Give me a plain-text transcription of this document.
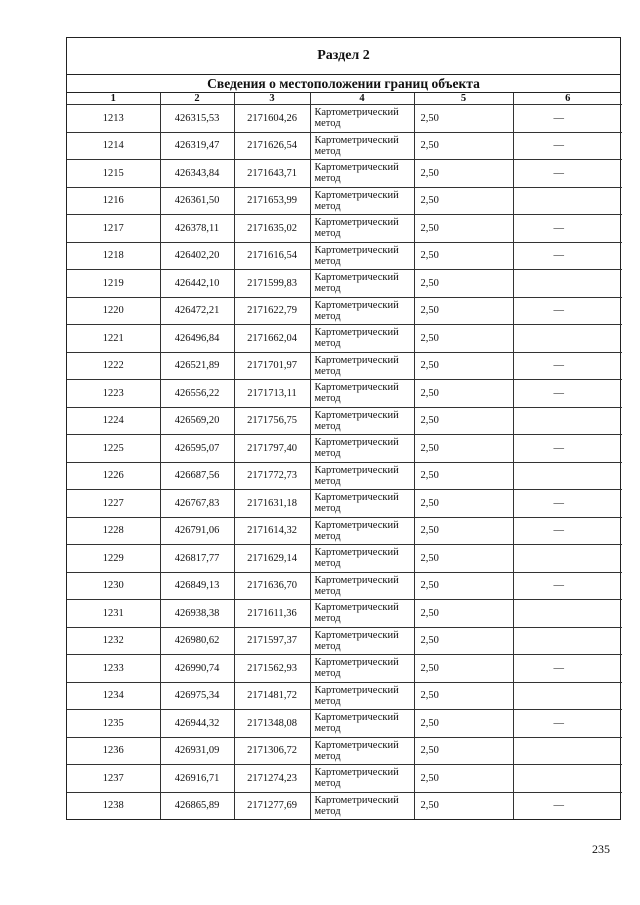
Раздел 2
Сведения о местоположении границ объекта
1	2	3	4	5	6
1213	426315,53	2171604,26	Картометрический метод	2,50	—
1214	426319,47	2171626,54	Картометрический метод	2,50	—
1215	426343,84	2171643,71	Картометрический метод	2,50	—
1216	426361,50	2171653,99	Картометрический метод	2,50	
1217	426378,11	2171635,02	Картометрический метод	2,50	—
1218	426402,20	2171616,54	Картометрический метод	2,50	—
1219	426442,10	2171599,83	Картометрический метод	2,50	
1220	426472,21	2171622,79	Картометрический метод	2,50	—
1221	426496,84	2171662,04	Картометрический метод	2,50	
1222	426521,89	2171701,97	Картометрический метод	2,50	—
1223	426556,22	2171713,11	Картометрический метод	2,50	—
1224	426569,20	2171756,75	Картометрический метод	2,50	
1225	426595,07	2171797,40	Картометрический метод	2,50	—
1226	426687,56	2171772,73	Картометрический метод	2,50	
1227	426767,83	2171631,18	Картометрический метод	2,50	—
1228	426791,06	2171614,32	Картометрический метод	2,50	—
1229	426817,77	2171629,14	Картометрический метод	2,50	
1230	426849,13	2171636,70	Картометрический метод	2,50	—
1231	426938,38	2171611,36	Картометрический метод	2,50	
1232	426980,62	2171597,37	Картометрический метод	2,50	
1233	426990,74	2171562,93	Картометрический метод	2,50	—
1234	426975,34	2171481,72	Картометрический метод	2,50	
1235	426944,32	2171348,08	Картометрический метод	2,50	—
1236	426931,09	2171306,72	Картометрический метод	2,50	
1237	426916,71	2171274,23	Картометрический метод	2,50	
1238	426865,89	2171277,69	Картометрический метод	2,50	—
235
